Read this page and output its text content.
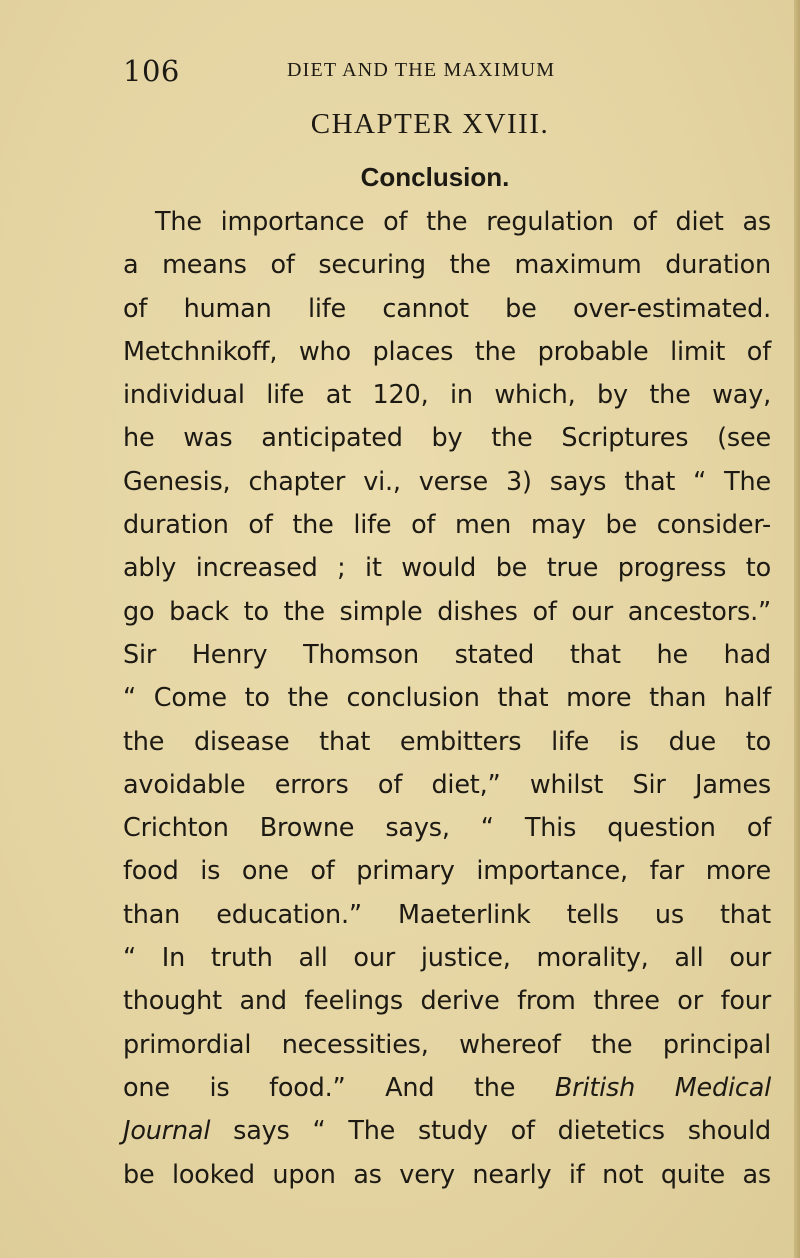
106	DIET AND THE MAXIMUM
CHAPTER XVIII.
Conclusion.
The importance of the regulation of diet as
a means of securing the maximum duration
of human life cannot be over-estimated.
Metchnikoff, who places the probable limit of
individual life at 120, in which, by the way,
he was anticipated by the Scriptures (see
Genesis, chapter vi., verse 3) says that “ The
duration of the life of men may be consider-
ably increased ; it would be true progress to
go back to the simple dishes of our ancestors.”
Sir Henry Thomson stated that he had
“ Come to the conclusion that more than half
the disease that embitters life is due to
avoidable errors of diet,” whilst Sir James
Crichton Browne says, “ This question of
food is one of primary importance, far more
than education.” Maeterlink tells us that
“ In truth all our justice, morality, all our
thought and feelings derive from three or four
primordial necessities, whereof the principal
one is food.” And the British Medical
Journal says “ The study of dietetics should
be looked upon as very nearly if not quite as
